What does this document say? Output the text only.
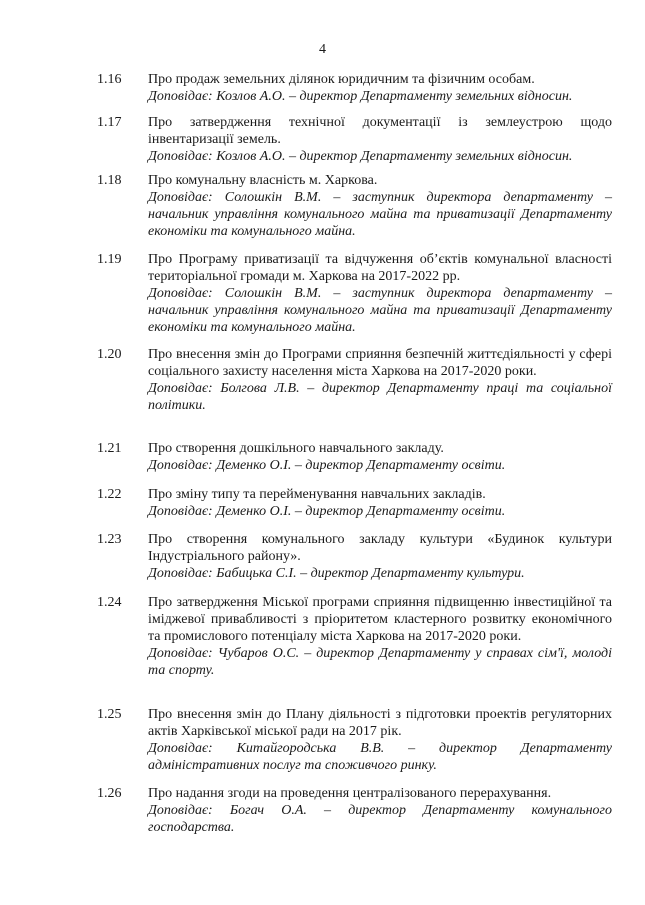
4
1.16 Про продаж земельних ділянок юридичним та фізичним особам.
Доповідає: Козлов А.О. – директор Департаменту земельних відносин.
1.17 Про затвердження технічної документації із землеустрою щодо інвентаризації земель.
Доповідає: Козлов А.О. – директор Департаменту земельних відносин.
1.18 Про комунальну власність м. Харкова.
Доповідає: Солошкін В.М. – заступник директора департаменту – начальник управління комунального майна та приватизації Департаменту економіки та комунального майна.
1.19 Про Програму приватизації та відчуження об’єктів комунальної власності територіальної громади м. Харкова на 2017-2022 рр.
Доповідає: Солошкін В.М. – заступник директора департаменту – начальник управління комунального майна та приватизації Департаменту економіки та комунального майна.
1.20 Про внесення змін до Програми сприяння безпечній життєдіяльності у сфері соціального захисту населення міста Харкова на 2017-2020 роки.
Доповідає: Болгова Л.В. – директор Департаменту праці та соціальної політики.
1.21 Про створення дошкільного навчального закладу.
Доповідає: Деменко О.І. – директор Департаменту освіти.
1.22 Про зміну типу та перейменування навчальних закладів.
Доповідає: Деменко О.І. – директор Департаменту освіти.
1.23 Про створення комунального закладу культури «Будинок культури Індустріального району».
Доповідає: Бабицька С.І. – директор Департаменту культури.
1.24 Про затвердження Міської програми сприяння підвищенню інвестиційної та іміджевої привабливості з пріоритетом кластерного розвитку економічного та промислового потенціалу міста Харкова на 2017-2020 роки.
Доповідає: Чубаров О.С. – директор Департаменту у справах сім'ї, молоді та спорту.
1.25 Про внесення змін до Плану діяльності з підготовки проектів регуляторних актів Харківської міської ради на 2017 рік.
Доповідає: Китайгородська В.В. – директор Департаменту адміністративних послуг та споживчого ринку.
1.26 Про надання згоди на проведення централізованого перерахування.
Доповідає: Богач О.А. – директор Департаменту комунального господарства.
